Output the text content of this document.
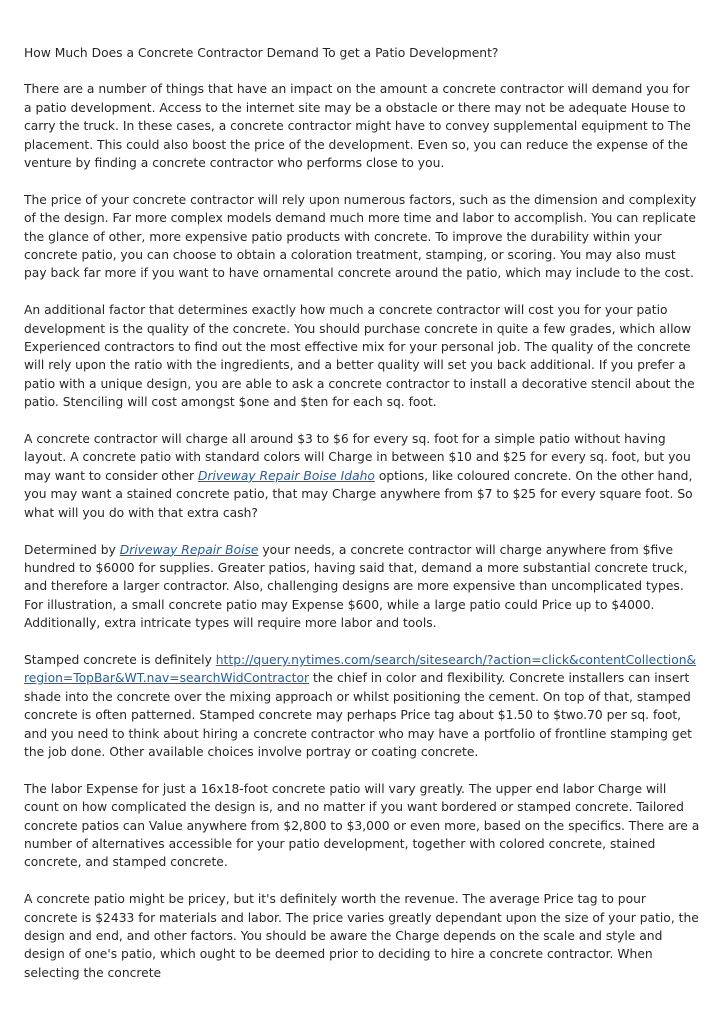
How Much Does a Concrete Contractor Demand To get a Patio Development?

There are a number of things that have an impact on the amount a concrete contractor will demand you for a patio development. Access to the internet site may be a obstacle or there may not be adequate House to carry the truck. In these cases, a concrete contractor might have to convey supplemental equipment to The placement. This could also boost the price of the development. Even so, you can reduce the expense of the venture by finding a concrete contractor who performs close to you.

The price of your concrete contractor will rely upon numerous factors, such as the dimension and complexity of the design. Far more complex models demand much more time and labor to accomplish. You can replicate the glance of other, more expensive patio products with concrete. To improve the durability within your concrete patio, you can choose to obtain a coloration treatment, stamping, or scoring. You may also must pay back far more if you want to have ornamental concrete around the patio, which may include to the cost.

An additional factor that determines exactly how much a concrete contractor will cost you for your patio development is the quality of the concrete. You should purchase concrete in quite a few grades, which allow Experienced contractors to find out the most effective mix for your personal job. The quality of the concrete will rely upon the ratio with the ingredients, and a better quality will set you back additional. If you prefer a patio with a unique design, you are able to ask a concrete contractor to install a decorative stencil about the patio. Stenciling will cost amongst $one and $ten for each sq. foot.

A concrete contractor will charge all around $3 to $6 for every sq. foot for a simple patio without having layout. A concrete patio with standard colors will Charge in between $10 and $25 for every sq. foot, but you may want to consider other Driveway Repair Boise Idaho options, like coloured concrete. On the other hand, you may want a stained concrete patio, that may Charge anywhere from $7 to $25 for every square foot. So what will you do with that extra cash?

Determined by Driveway Repair Boise your needs, a concrete contractor will charge anywhere from $five hundred to $6000 for supplies. Greater patios, having said that, demand a more substantial concrete truck, and therefore a larger contractor. Also, challenging designs are more expensive than uncomplicated types. For illustration, a small concrete patio may Expense $600, while a large patio could Price up to $4000. Additionally, extra intricate types will require more labor and tools.

Stamped concrete is definitely http://query.nytimes.com/search/sitesearch/?action=click&contentCollection&region=TopBar&WT.nav=searchWidContractor the chief in color and flexibility. Concrete installers can insert shade into the concrete over the mixing approach or whilst positioning the cement. On top of that, stamped concrete is often patterned. Stamped concrete may perhaps Price tag about $1.50 to $two.70 per sq. foot, and you need to think about hiring a concrete contractor who may have a portfolio of frontline stamping get the job done. Other available choices involve portray or coating concrete.

The labor Expense for just a 16x18-foot concrete patio will vary greatly. The upper end labor Charge will count on how complicated the design is, and no matter if you want bordered or stamped concrete. Tailored concrete patios can Value anywhere from $2,800 to $3,000 or even more, based on the specifics. There are a number of alternatives accessible for your patio development, together with colored concrete, stained concrete, and stamped concrete.

A concrete patio might be pricey, but it's definitely worth the revenue. The average Price tag to pour concrete is $2433 for materials and labor. The price varies greatly dependant upon the size of your patio, the design and end, and other factors. You should be aware the Charge depends on the scale and style and design of one's patio, which ought to be deemed prior to deciding to hire a concrete contractor. When selecting the concrete
